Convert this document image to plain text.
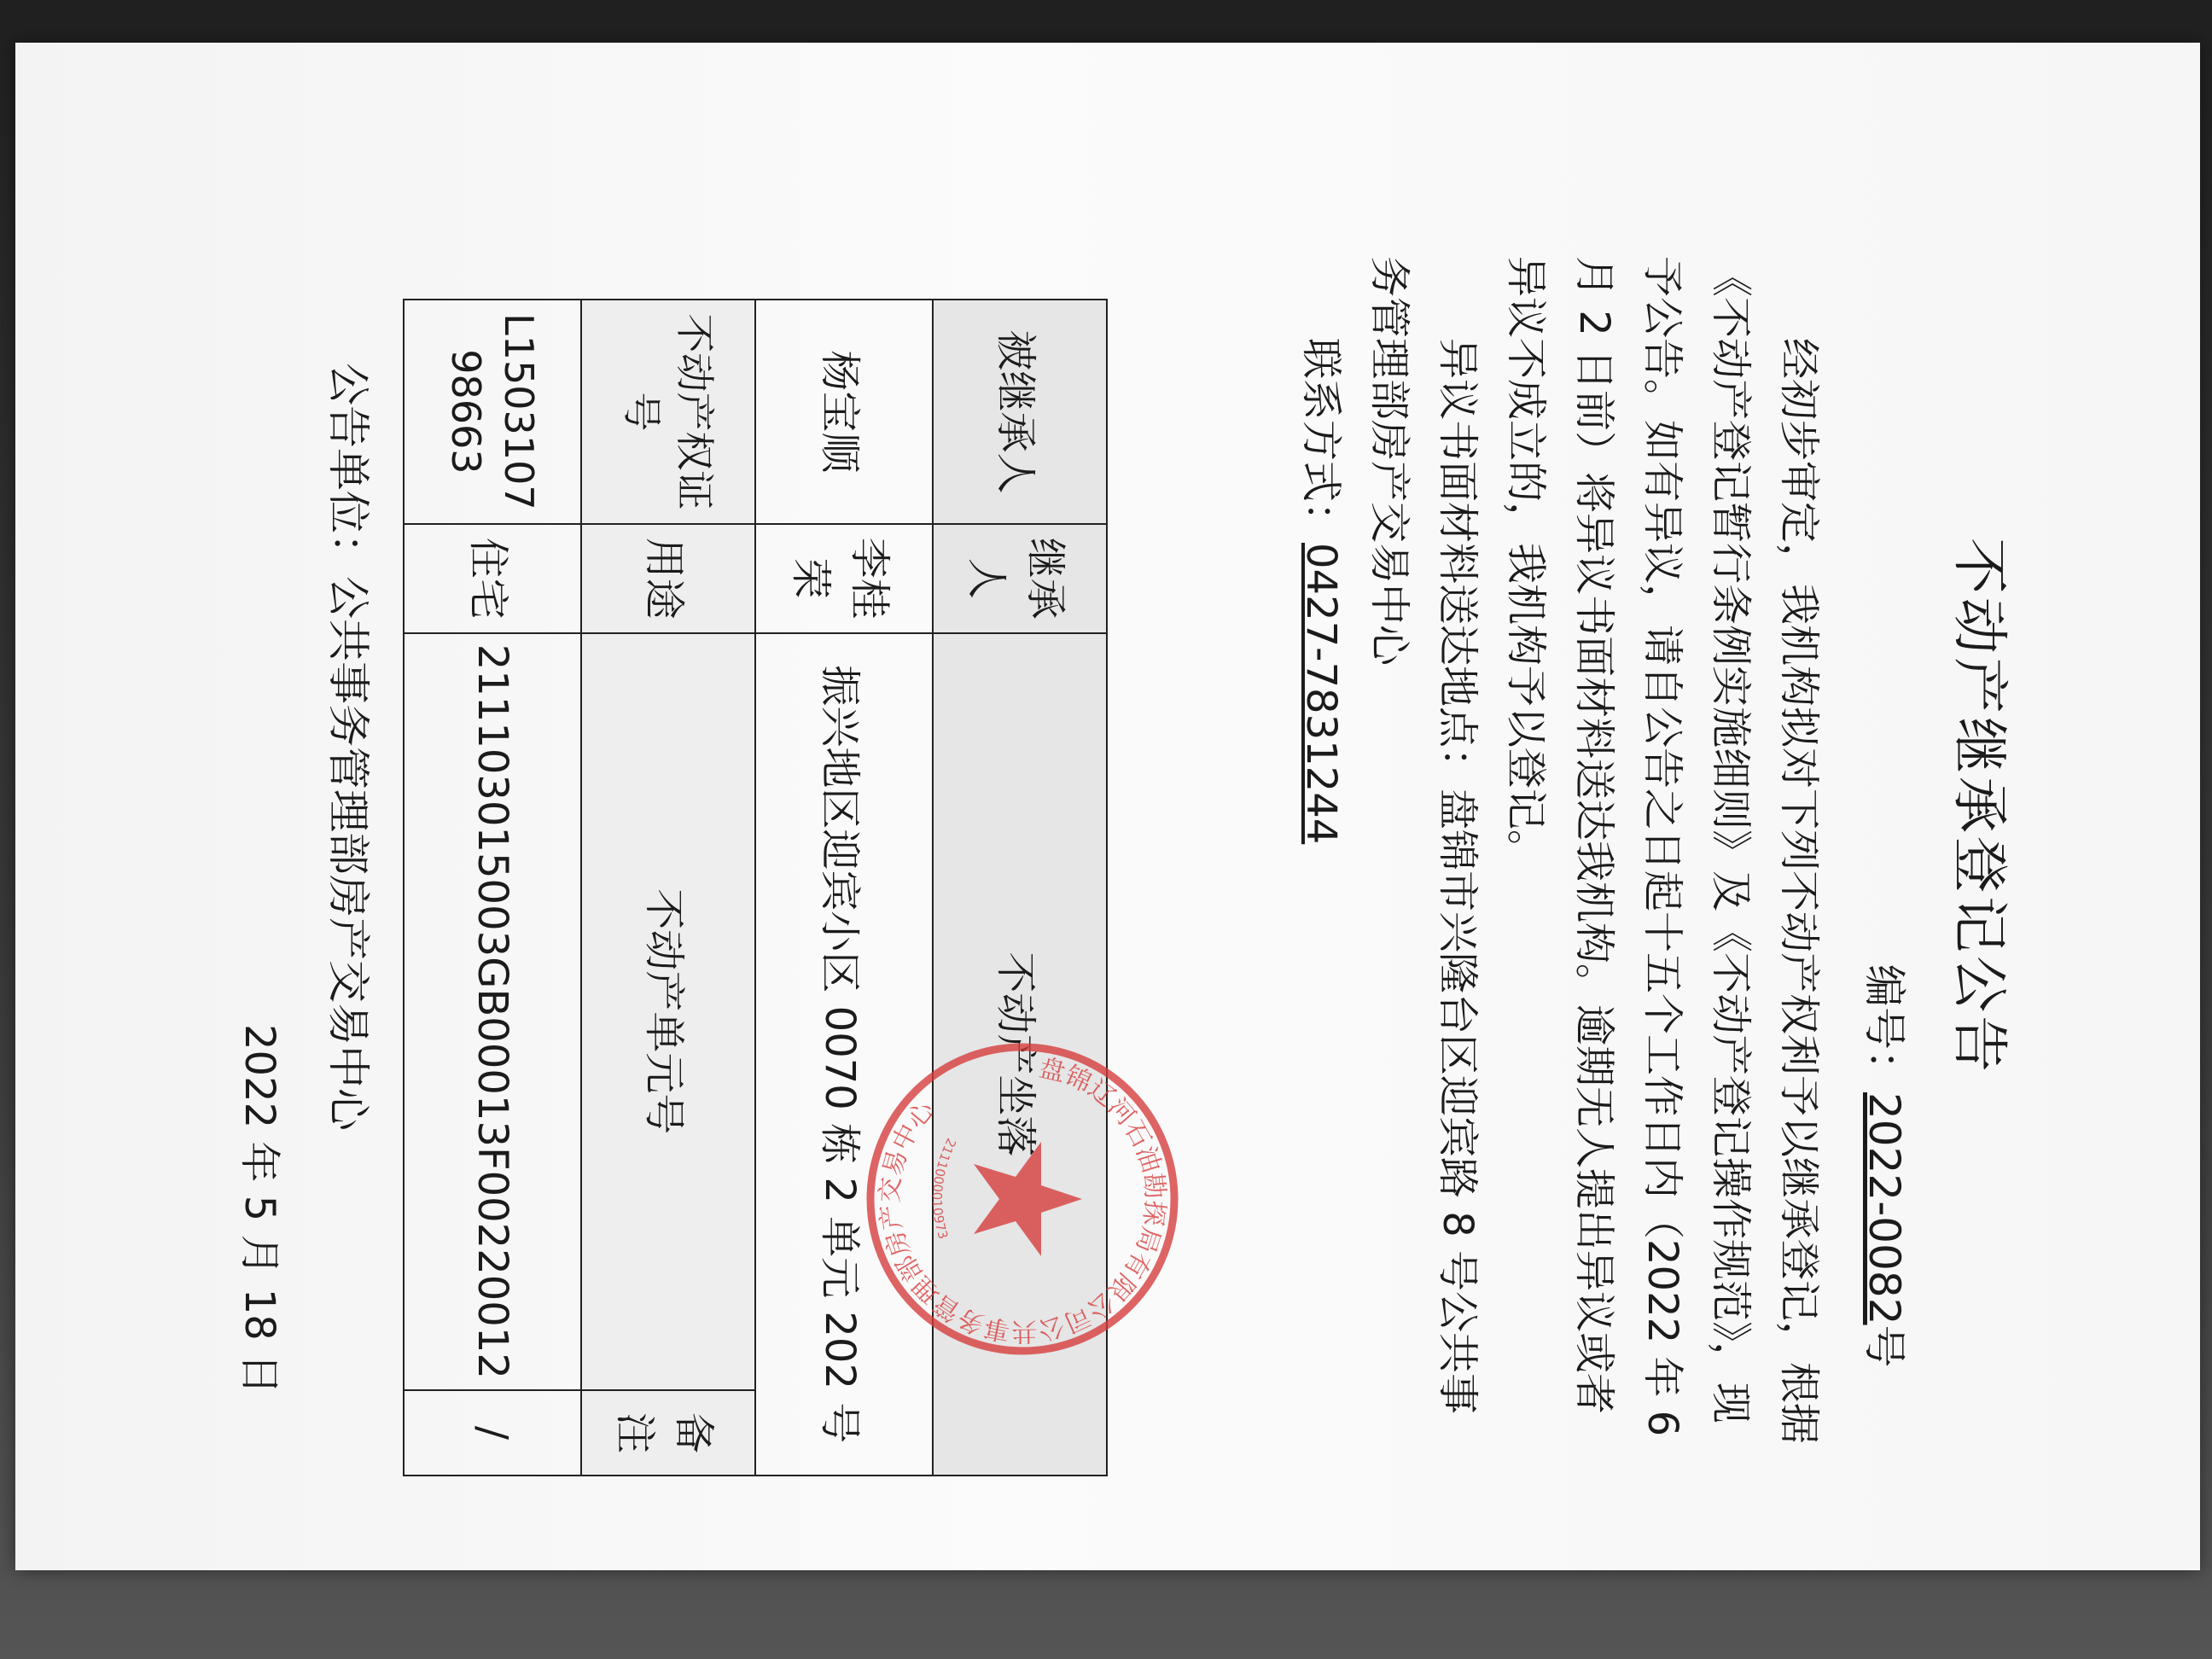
不动产继承登记公告
编号：2022-0082号

经初步审定，我机构拟对下列不动产权利予以继承登记，根据《不动产登记暂行条例实施细则》及《不动产登记操作规范》，现予公告。如有异议，请自公告之日起十五个工作日内（2022 年 6 月 2 日前）将异议书面材料送达我机构。逾期无人提出异议或者异议不成立的，我机构予以登记。

异议书面材料送达地点：盘锦市兴隆台区迎宾路 8 号公共事务管理部房产交易中心

联系方式：0427-7831244

被继承人	继承人	不动产坐落	
杨宝顺	李桂荣	振兴地区迎宾小区 0070 栋 2 单元 202 号	
不动产权证号	用途	不动产单元号	备注
L1503107 98663	住宅	211103015003GB00013F00220012	/
盘锦辽河石油勘探局有限公司公共事务管理部房产交易中心
2111000010973
公告单位：公共事务管理部房产交易中心
2022 年 5 月 18 日
